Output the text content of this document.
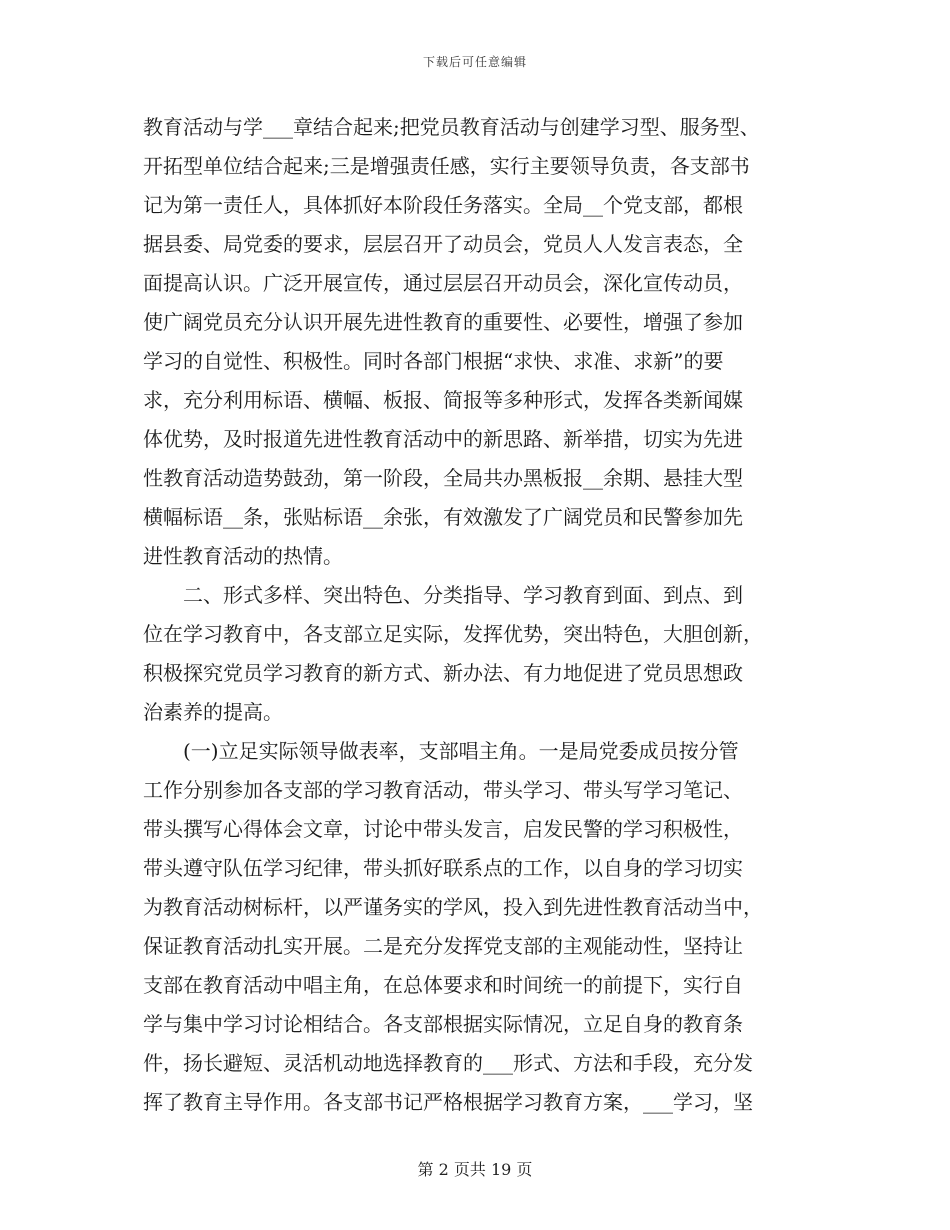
下载后可任意编辑
教育活动与学___章结合起来;把党员教育活动与创建学习型、服务型、
开拓型单位结合起来;三是增强责任感，实行主要领导负责，各支部书
记为第一责任人，具体抓好本阶段任务落实。全局__个党支部，都根
据县委、局党委的要求，层层召开了动员会，党员人人发言表态，全
面提高认识。广泛开展宣传，通过层层召开动员会，深化宣传动员，
使广阔党员充分认识开展先进性教育的重要性、必要性，增强了参加
学习的自觉性、积极性。同时各部门根据“求快、求准、求新”的要
求，充分利用标语、横幅、板报、简报等多种形式，发挥各类新闻媒
体优势，及时报道先进性教育活动中的新思路、新举措，切实为先进
性教育活动造势鼓劲，第一阶段，全局共办黑板报__余期、悬挂大型
横幅标语__条，张贴标语__余张，有效激发了广阔党员和民警参加先
进性教育活动的热情。
　　二、形式多样、突出特色、分类指导、学习教育到面、到点、到
位在学习教育中，各支部立足实际，发挥优势，突出特色，大胆创新，
积极探究党员学习教育的新方式、新办法、有力地促进了党员思想政
治素养的提高。
　　(一)立足实际领导做表率，支部唱主角。一是局党委成员按分管
工作分别参加各支部的学习教育活动，带头学习、带头写学习笔记、
带头撰写心得体会文章，讨论中带头发言，启发民警的学习积极性，
带头遵守队伍学习纪律，带头抓好联系点的工作，以自身的学习切实
为教育活动树标杆，以严谨务实的学风，投入到先进性教育活动当中，
保证教育活动扎实开展。二是充分发挥党支部的主观能动性，坚持让
支部在教育活动中唱主角，在总体要求和时间统一的前提下，实行自
学与集中学习讨论相结合。各支部根据实际情况，立足自身的教育条
件，扬长避短、灵活机动地选择教育的___形式、方法和手段，充分发
挥了教育主导作用。各支部书记严格根据学习教育方案，___学习，坚
第 2 页共 19 页
